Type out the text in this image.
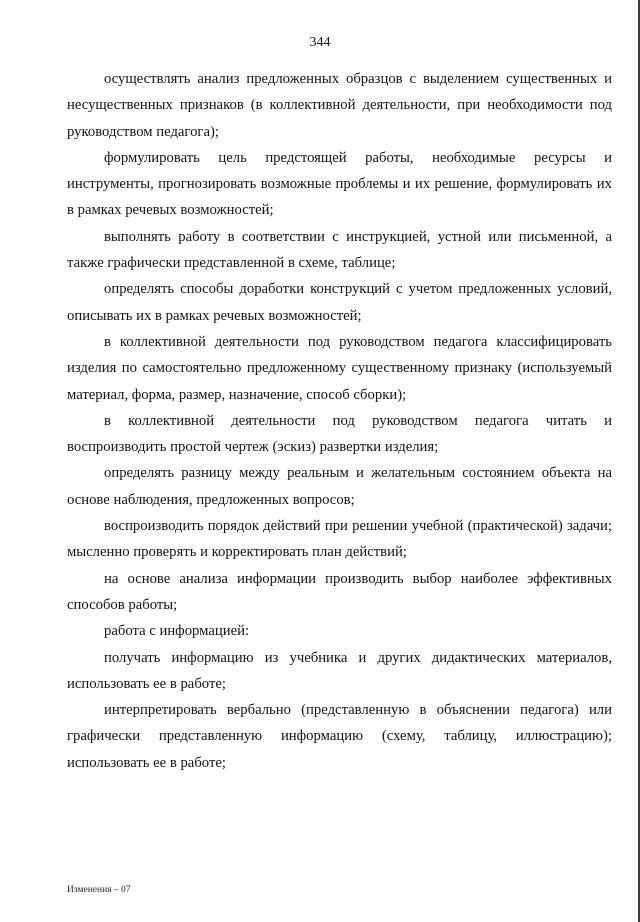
344

осуществлять анализ предложенных образцов с выделением существенных и несущественных признаков (в коллективной деятельности, при необходимости под руководством педагога);

формулировать цель предстоящей работы, необходимые ресурсы и инструменты, прогнозировать возможные проблемы и их решение, формулировать их в рамках речевых возможностей;

выполнять работу в соответствии с инструкцией, устной или письменной, а также графически представленной в схеме, таблице;

определять способы доработки конструкций с учетом предложенных условий, описывать их в рамках речевых возможностей;

в коллективной деятельности под руководством педагога классифицировать изделия по самостоятельно предложенному существенному признаку (используемый материал, форма, размер, назначение, способ сборки);

в коллективной деятельности под руководством педагога читать и воспроизводить простой чертеж (эскиз) развертки изделия;

определять разницу между реальным и желательным состоянием объекта на основе наблюдения, предложенных вопросов;

воспроизводить порядок действий при решении учебной (практической) задачи; мысленно проверять и корректировать план действий;

на основе анализа информации производить выбор наиболее эффективных способов работы;

работа с информацией:

получать информацию из учебника и других дидактических материалов, использовать ее в работе;

интерпретировать вербально (представленную в объяснении педагога) или графически представленную информацию (схему, таблицу, иллюстрацию); использовать ее в работе;

Изменения – 07
